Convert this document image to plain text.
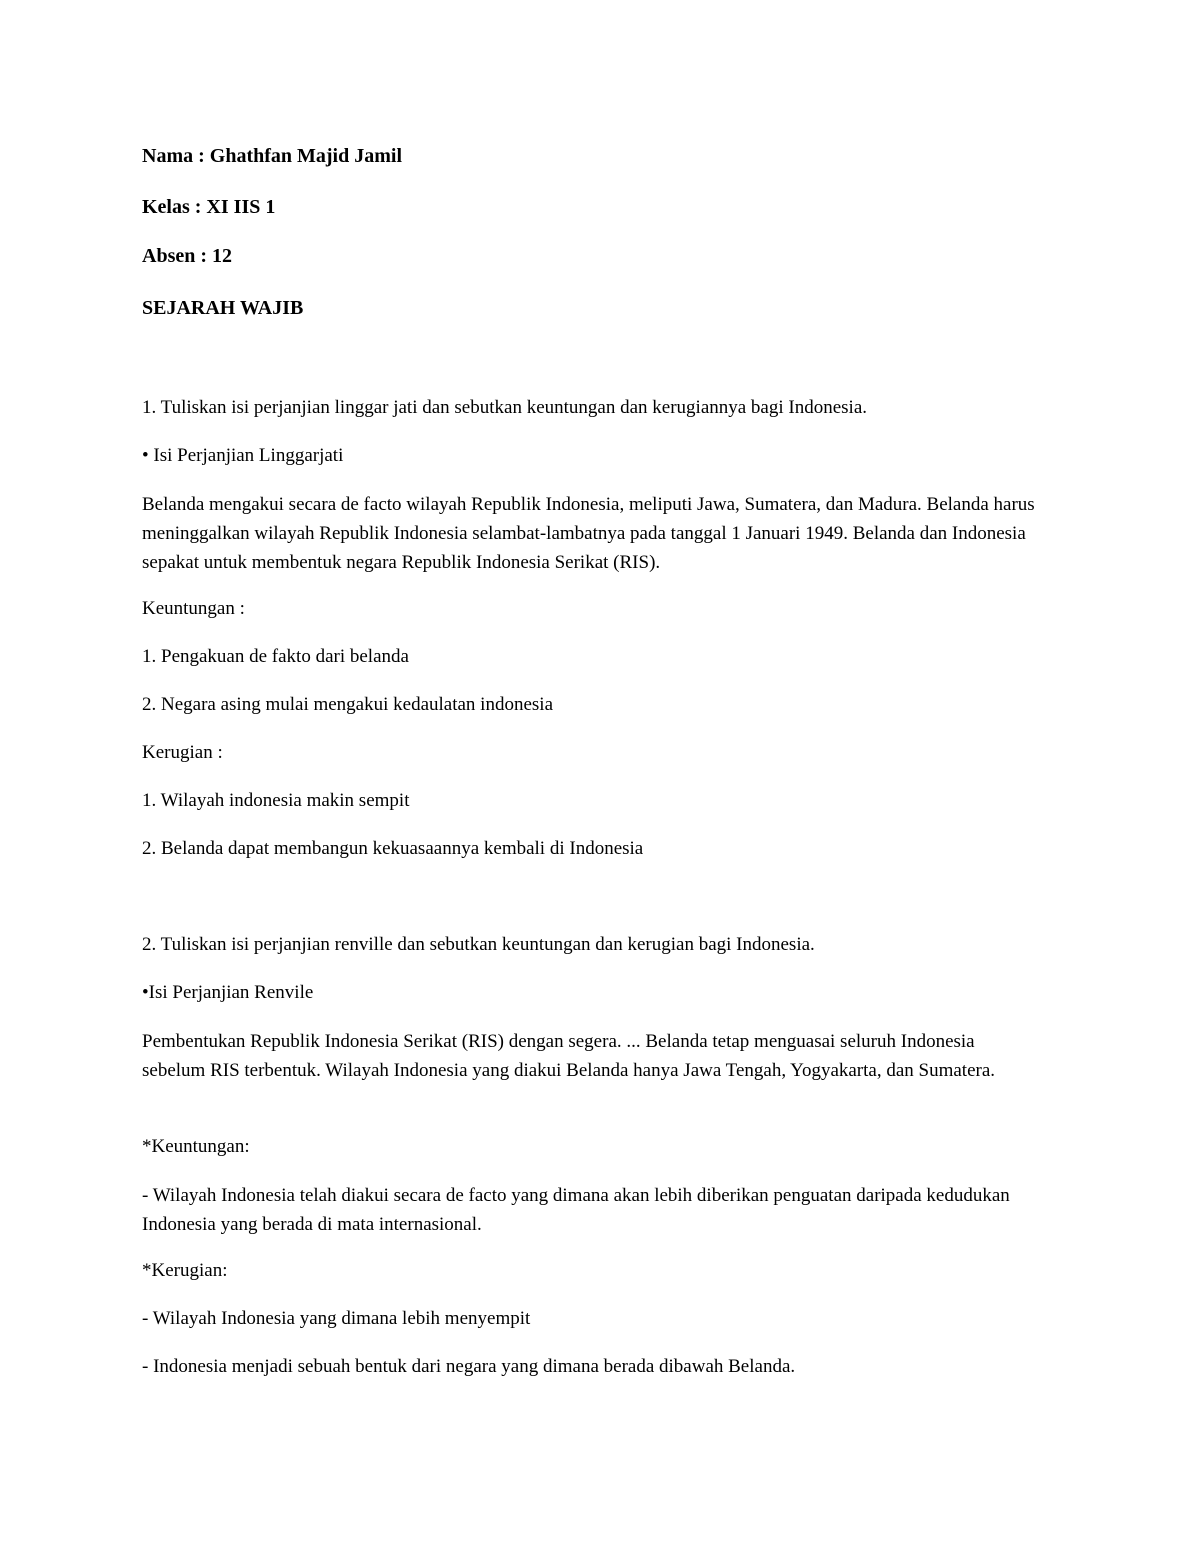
Nama : Ghathfan Majid Jamil
Kelas : XI IIS 1
Absen : 12
SEJARAH WAJIB
1. Tuliskan isi perjanjian linggar jati dan sebutkan keuntungan dan kerugiannya bagi Indonesia.
• Isi Perjanjian Linggarjati
Belanda mengakui secara de facto wilayah Republik Indonesia, meliputi Jawa, Sumatera, dan Madura. Belanda harus meninggalkan wilayah Republik Indonesia selambat-lambatnya pada tanggal 1 Januari 1949. Belanda dan Indonesia sepakat untuk membentuk negara Republik Indonesia Serikat (RIS).
Keuntungan :
1. Pengakuan de fakto dari belanda
2. Negara asing mulai mengakui kedaulatan indonesia
Kerugian :
1. Wilayah indonesia makin sempit
2. Belanda dapat membangun kekuasaannya kembali di Indonesia
2. Tuliskan isi perjanjian renville dan sebutkan keuntungan dan kerugian bagi Indonesia.
•Isi Perjanjian Renvile
Pembentukan Republik Indonesia Serikat (RIS) dengan segera. ... Belanda tetap menguasai seluruh Indonesia sebelum RIS terbentuk. Wilayah Indonesia yang diakui Belanda hanya Jawa Tengah, Yogyakarta, dan Sumatera.
*Keuntungan:
- Wilayah Indonesia telah diakui secara de facto yang dimana akan lebih diberikan penguatan daripada kedudukan Indonesia yang berada di mata internasional.
*Kerugian:
- Wilayah Indonesia yang dimana lebih menyempit
- Indonesia menjadi sebuah bentuk dari negara yang dimana berada dibawah Belanda.
